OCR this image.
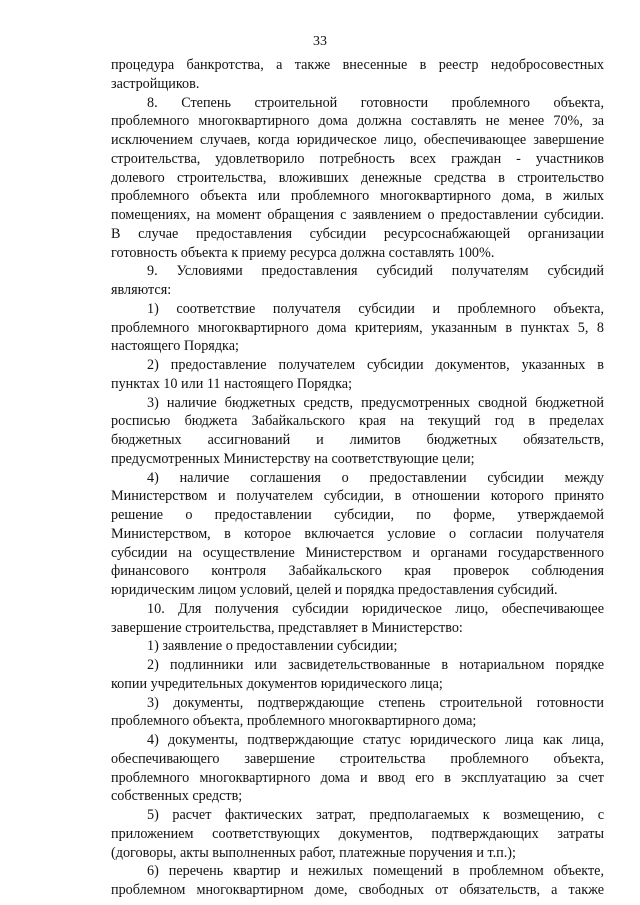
33

процедура банкротства, а также внесенные в реестр недобросовестных

застройщиков.

8. Степень строительной готовности проблемного объекта,

проблемного многоквартирного дома должна составлять не менее 70%, за

исключением случаев, когда юридическое лицо, обеспечивающее завершение

строительства, удовлетворило потребность всех граждан - участников

долевого строительства, вложивших денежные средства в строительство

проблемного объекта или проблемного многоквартирного дома, в жилых

помещениях, на момент обращения с заявлением о предоставлении субсидии.

В случае предоставления субсидии ресурсоснабжающей организации

готовность объекта к приему ресурса должна составлять 100%.

9. Условиями предоставления субсидий получателям субсидий

являются:

1) соответствие получателя субсидии и проблемного объекта,

проблемного многоквартирного дома критериям, указанным в пунктах 5, 8

настоящего Порядка;

2) предоставление получателем субсидии документов, указанных в

пунктах 10 или 11 настоящего Порядка;

3) наличие бюджетных средств, предусмотренных сводной бюджетной

росписью бюджета Забайкальского края на текущий год в пределах

бюджетных ассигнований и лимитов бюджетных обязательств,

предусмотренных Министерству на соответствующие цели;

4) наличие соглашения о предоставлении субсидии между

Министерством и получателем субсидии, в отношении которого принято

решение о предоставлении субсидии, по форме, утверждаемой

Министерством, в которое включается условие о согласии получателя

субсидии на осуществление Министерством и органами государственного

финансового контроля Забайкальского края проверок соблюдения

юридическим лицом условий, целей и порядка предоставления субсидий.

10. Для получения субсидии юридическое лицо, обеспечивающее

завершение строительства, представляет в Министерство:

1) заявление о предоставлении субсидии;

2) подлинники или засвидетельствованные в нотариальном порядке

копии учредительных документов юридического лица;

3) документы, подтверждающие степень строительной готовности

проблемного объекта, проблемного многоквартирного дома;

4) документы, подтверждающие статус юридического лица как лица,

обеспечивающего завершение строительства проблемного объекта,

проблемного многоквартирного дома и ввод его в эксплуатацию за счет

собственных средств;

5) расчет фактических затрат, предполагаемых к возмещению, с

приложением соответствующих документов, подтверждающих затраты

(договоры, акты выполненных работ, платежные поручения и т.п.);

6) перечень квартир и нежилых помещений в проблемном объекте,

проблемном многоквартирном доме, свободных от обязательств, а также
